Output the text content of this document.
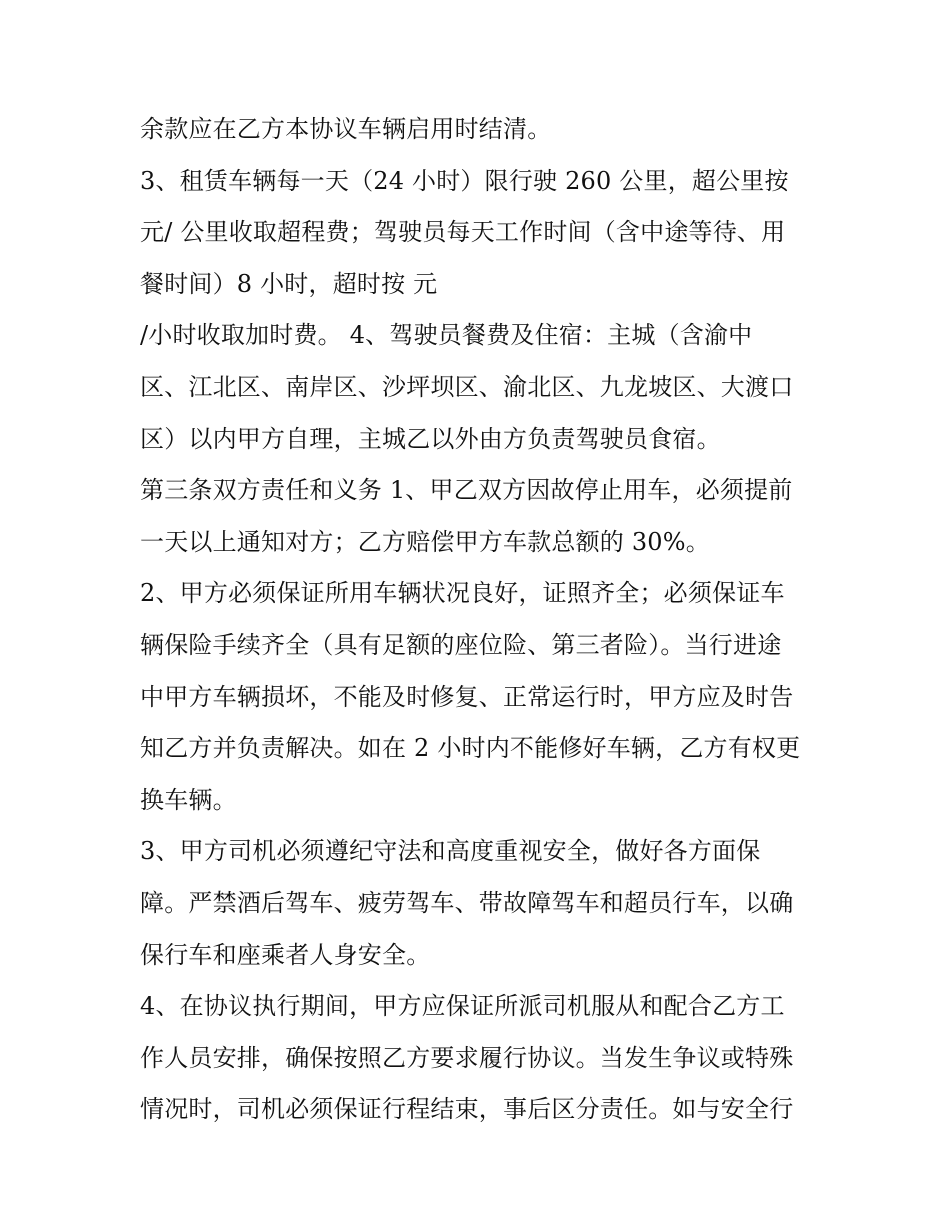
余款应在乙方本协议车辆启用时结清。
3、租赁车辆每一天（24 小时）限行驶 260 公里，超公里按
元/ 公里收取超程费；驾驶员每天工作时间（含中途等待、用
餐时间）8 小时，超时按 元
/小时收取加时费。 4、驾驶员餐费及住宿：主城（含渝中
区、江北区、南岸区、沙坪坝区、渝北区、九龙坡区、大渡口
区）以内甲方自理，主城乙以外由方负责驾驶员食宿。
第三条双方责任和义务 1、甲乙双方因故停止用车，必须提前
一天以上通知对方；乙方赔偿甲方车款总额的 30%。
2、甲方必须保证所用车辆状况良好，证照齐全；必须保证车
辆保险手续齐全（具有足额的座位险、第三者险）。当行进途
中甲方车辆损坏，不能及时修复、正常运行时，甲方应及时告
知乙方并负责解决。如在 2 小时内不能修好车辆，乙方有权更
换车辆。
3、甲方司机必须遵纪守法和高度重视安全，做好各方面保
障。严禁酒后驾车、疲劳驾车、带故障驾车和超员行车，以确
保行车和座乘者人身安全。
4、在协议执行期间，甲方应保证所派司机服从和配合乙方工
作人员安排，确保按照乙方要求履行协议。当发生争议或特殊
情况时，司机必须保证行程结束，事后区分责任。如与安全行
